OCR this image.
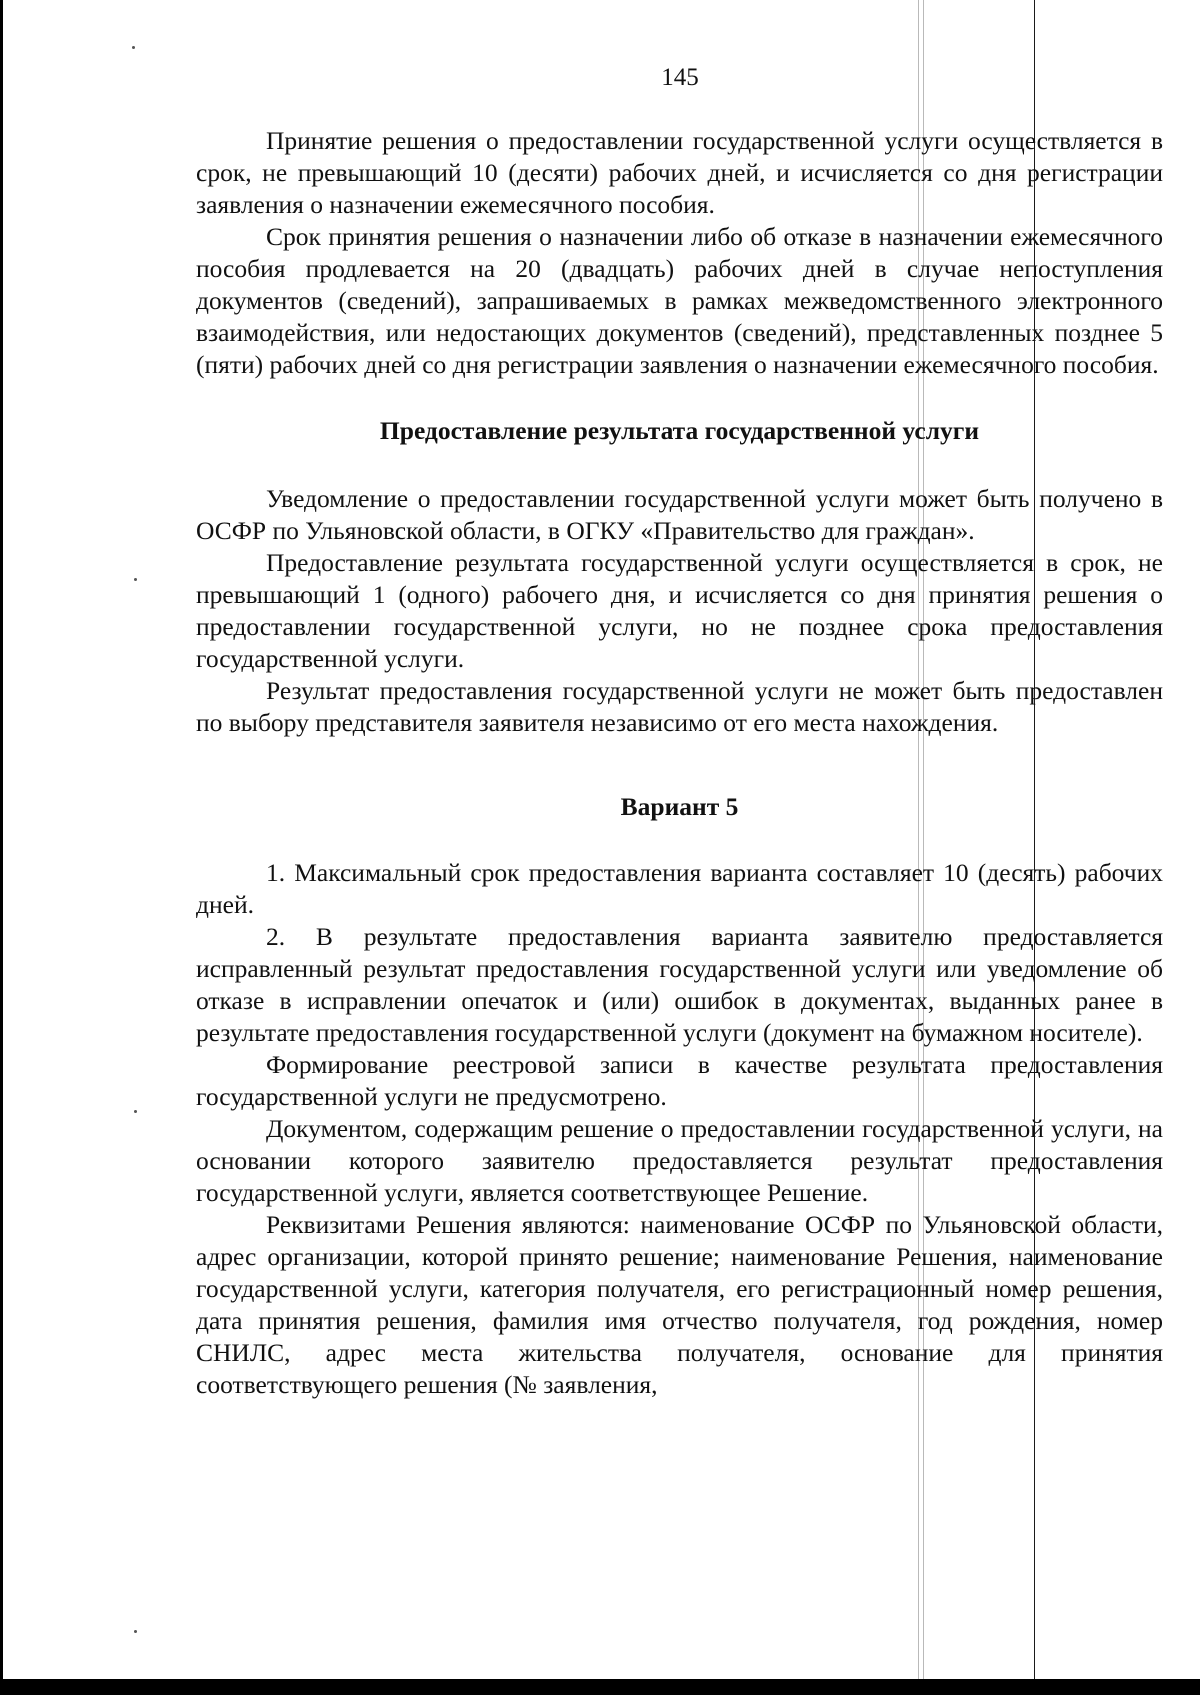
145

Принятие решения о предоставлении государственной услуги осуществляется в срок, не превышающий 10 (десяти) рабочих дней, и исчисляется со дня регистрации заявления о назначении ежемесячного пособия.

Срок принятия решения о назначении либо об отказе в назначении ежемесячного пособия продлевается на 20 (двадцать) рабочих дней в случае непоступления документов (сведений), запрашиваемых в рамках межведомственного электронного взаимодействия, или недостающих документов (сведений), представленных позднее 5 (пяти) рабочих дней со дня регистрации заявления о назначении ежемесячного пособия.

Предоставление результата государственной услуги

Уведомление о предоставлении государственной услуги может быть получено в ОСФР по Ульяновской области, в ОГКУ «Правительство для граждан».

Предоставление результата государственной услуги осуществляется в срок, не превышающий 1 (одного) рабочего дня, и исчисляется со дня принятия решения о предоставлении государственной услуги, но не позднее срока предоставления государственной услуги.

Результат предоставления государственной услуги не может быть предоставлен по выбору представителя заявителя независимо от его места нахождения.

Вариант 5

1. Максимальный срок предоставления варианта составляет 10 (десять) рабочих дней.

2. В результате предоставления варианта заявителю предоставляется исправленный результат предоставления государственной услуги или уведомление об отказе в исправлении опечаток и (или) ошибок в документах, выданных ранее в результате предоставления государственной услуги (документ на бумажном носителе).

Формирование реестровой записи в качестве результата предоставления государственной услуги не предусмотрено.

Документом, содержащим решение о предоставлении государственной услуги, на основании которого заявителю предоставляется результат предоставления государственной услуги, является соответствующее Решение.

Реквизитами Решения являются: наименование ОСФР по Ульяновской области, адрес организации, которой принято решение; наименование Решения, наименование государственной услуги, категория получателя, его регистрационный номер решения, дата принятия решения, фамилия имя отчество получателя, год рождения, номер СНИЛС, адрес места жительства получателя, основание для принятия соответствующего решения (№ заявления,
